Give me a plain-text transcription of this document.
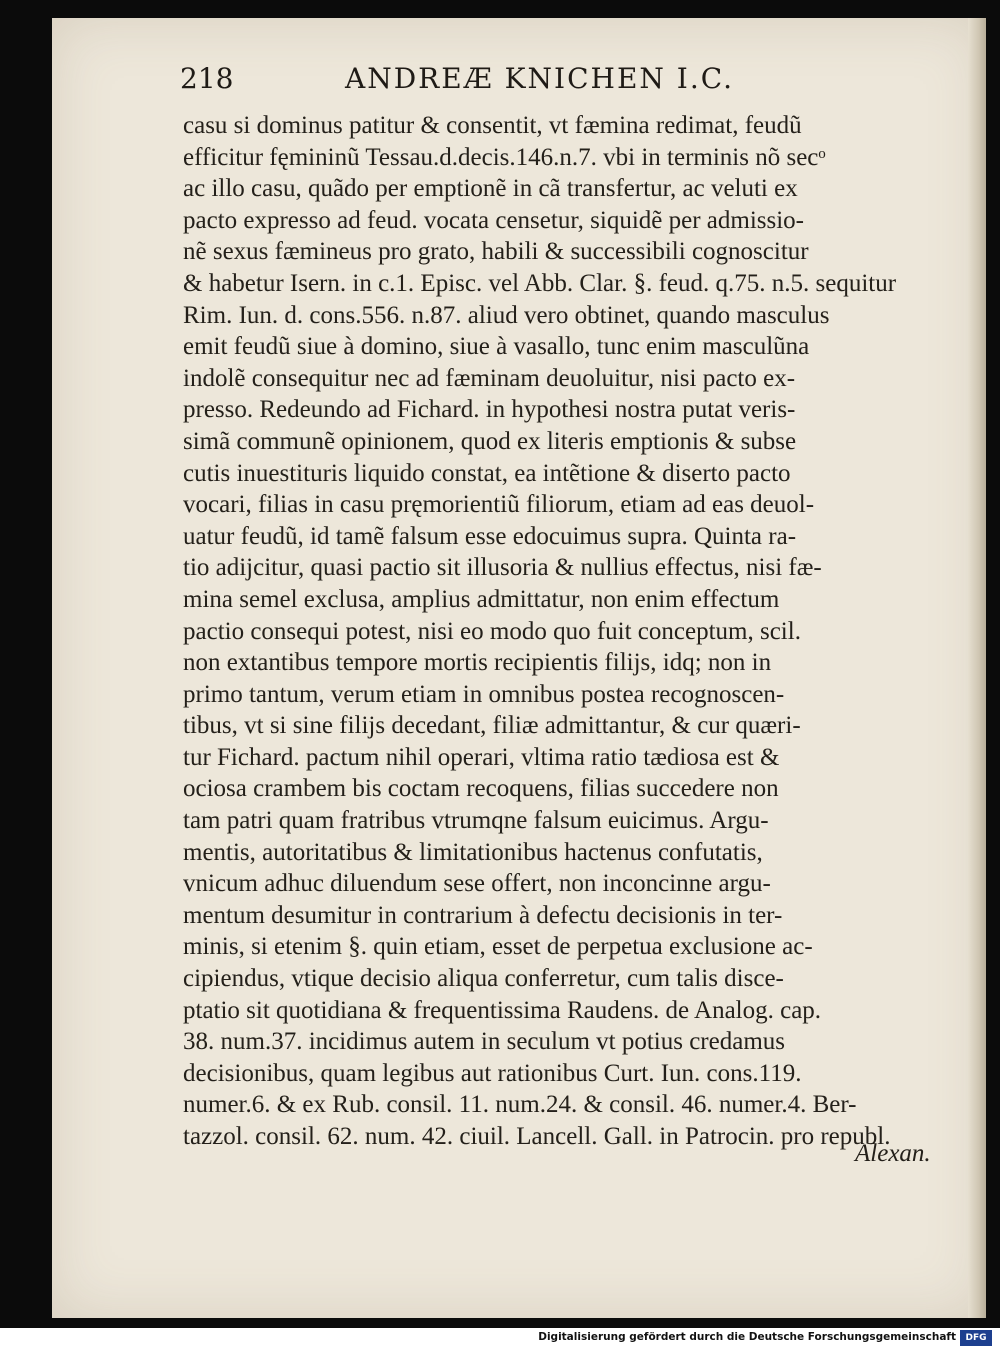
218	ANDREÆ KNICHEN I.C.
casu si dominus patitur & consentit, vt fæmina redimat, feudũ
efficitur fęmininũ Tessau.d.decis.146.n.7. vbi in terminis nõ secᵒ
ac illo casu, quãdo per emptionẽ in cã transfertur, ac veluti ex
pacto expresso ad feud. vocata censetur, siquidẽ per admissio-
nẽ sexus fæmineus pro grato, habili & successibili cognoscitur
& habetur Isern. in c.1. Episc. vel Abb. Clar. §. feud. q.75. n.5. sequitur
Rim. Iun. d. cons.556. n.87. aliud vero obtinet, quando masculus
emit feudũ siue à domino, siue à vasallo, tunc enim masculũna
indolẽ consequitur nec ad fæminam deuoluitur, nisi pacto ex-
presso. Redeundo ad Fichard. in hypothesi nostra putat veris-
simã communẽ opinionem, quod ex literis emptionis & subse
cutis inuestituris liquido constat, ea intẽtione & diserto pacto
vocari, filias in casu pręmorientiũ filiorum, etiam ad eas deuol-
uatur feudũ, id tamẽ falsum esse edocuimus supra. Quinta ra-
tio adijcitur, quasi pactio sit illusoria & nullius effectus, nisi fæ-
mina semel exclusa, amplius admittatur, non enim effectum
pactio consequi potest, nisi eo modo quo fuit conceptum, scil.
non extantibus tempore mortis recipientis filijs, idq; non in
primo tantum, verum etiam in omnibus postea recognoscen-
tibus, vt si sine filijs decedant, filiæ admittantur, & cur quæri-
tur Fichard. pactum nihil operari, vltima ratio tædiosa est &
ociosa crambem bis coctam recoquens, filias succedere non
tam patri quam fratribus vtrumqne falsum euicimus. Argu-
mentis, autoritatibus & limitationibus hactenus confutatis,
vnicum adhuc diluendum sese offert, non inconcinne argu-
mentum desumitur in contrarium à defectu decisionis in ter-
minis, si etenim §. quin etiam, esset de perpetua exclusione ac-
cipiendus, vtique decisio aliqua conferretur, cum talis disce-
ptatio sit quotidiana & frequentissima Raudens. de Analog. cap.
38. num.37. incidimus autem in seculum vt potius credamus
decisionibus, quam legibus aut rationibus Curt. Iun. cons.119.
numer.6. & ex Rub. consil. 11. num.24. & consil. 46. numer.4. Ber-
tazzol. consil. 62. num. 42. ciuil. Lancell. Gall. in Patrocin. pro republ.
Alexan.
Digitalisierung gefördert durch die Deutsche Forschungsgemeinschaft	DFG
